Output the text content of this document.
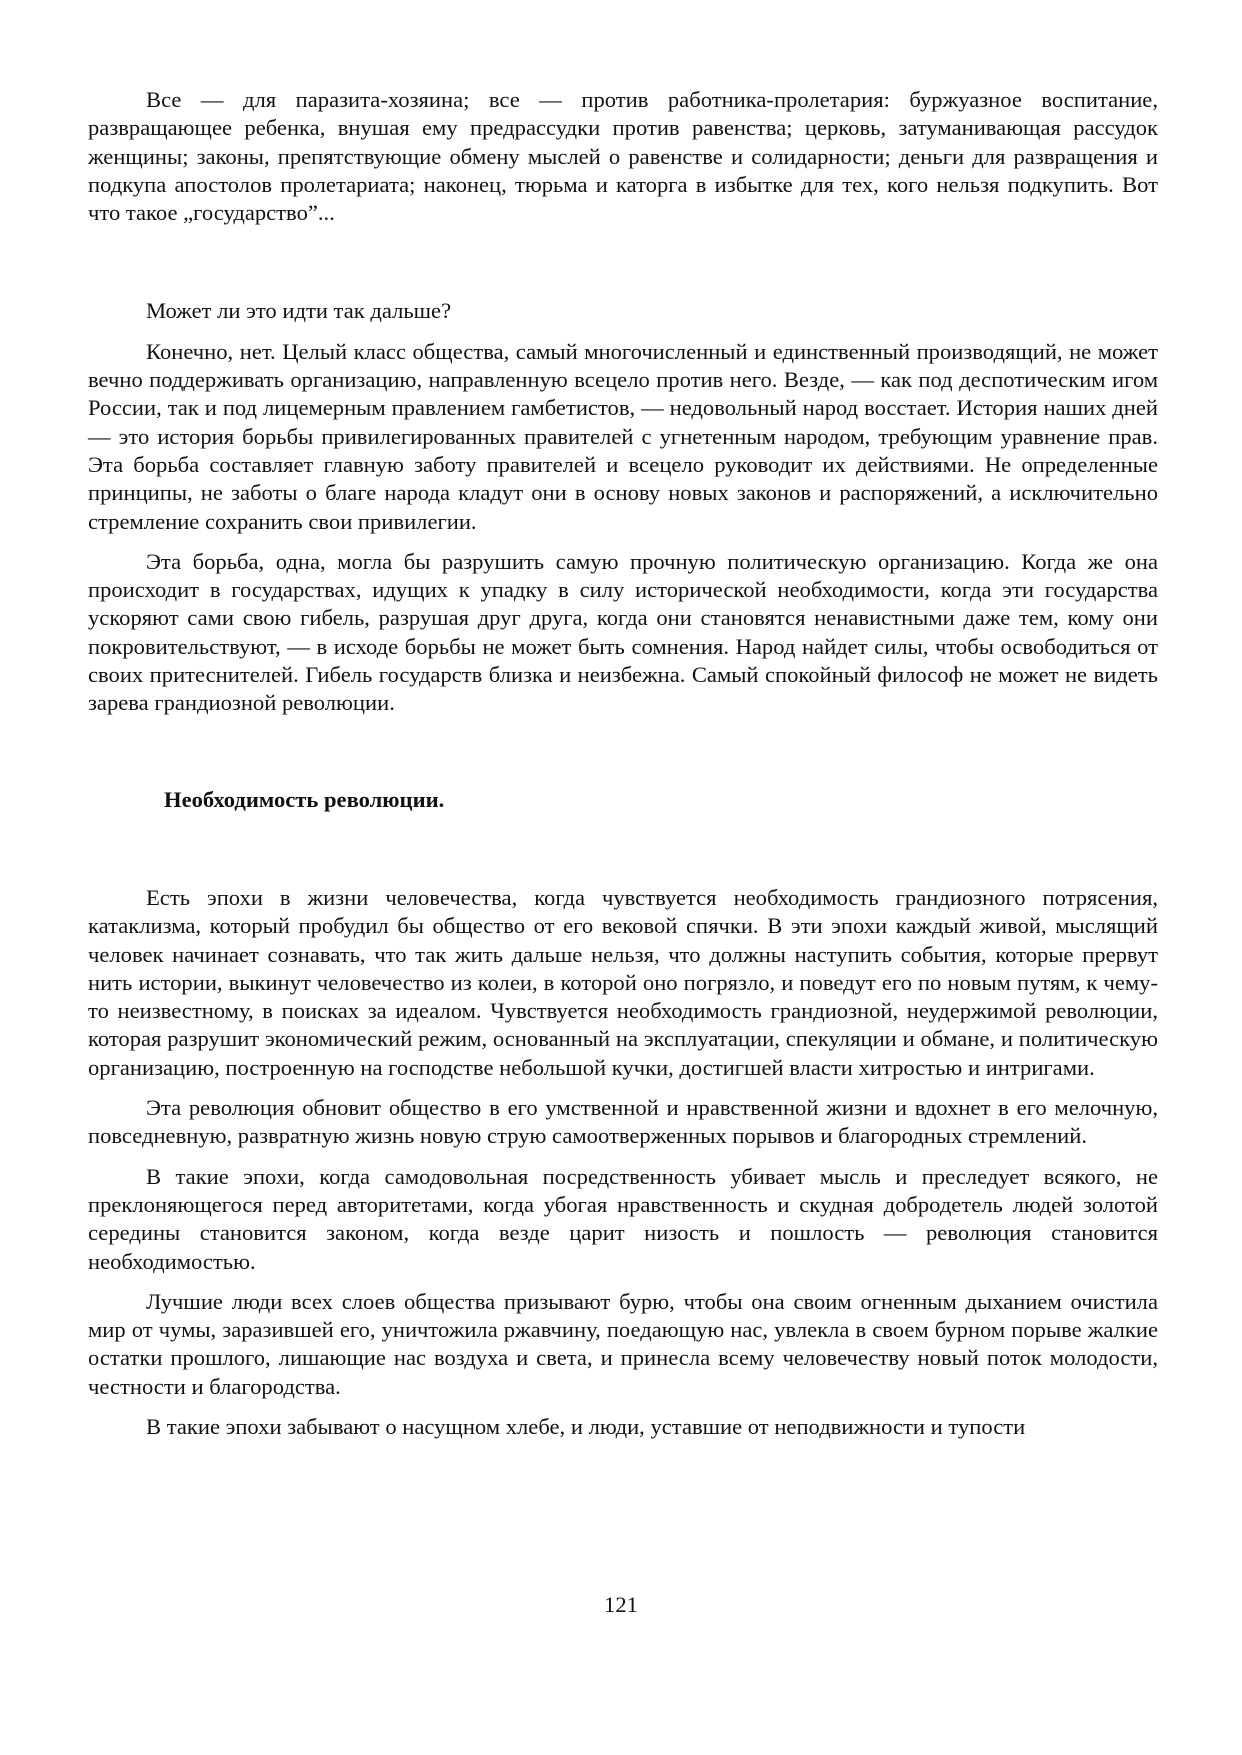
Все — для паразита-хозяина; все — против работника-пролетария: буржуазное воспитание, развращающее ребенка, внушая ему предрассудки против равенства; церковь, затуманивающая рассудок женщины; законы, препятствующие обмену мыслей о равенстве и солидарности; деньги для развращения и подкупа апостолов пролетариата; наконец, тюрьма и каторга в избытке для тех, кого нельзя подкупить. Вот что такое „государство”...

Может ли это идти так дальше?

Конечно, нет. Целый класс общества, самый многочисленный и единственный производящий, не может вечно поддерживать организацию, направленную всецело против него. Везде, — как под деспотическим игом России, так и под лицемерным правлением гамбетистов, — недовольный народ восстает. История наших дней — это история борьбы привилегированных правителей с угнетенным народом, требующим уравнение прав. Эта борьба составляет главную заботу правителей и всецело руководит их действиями. Не определенные принципы, не заботы о благе народа кладут они в основу новых законов и распоряжений, а исключительно стремление сохранить свои привилегии.

Эта борьба, одна, могла бы разрушить самую прочную политическую организацию. Когда же она происходит в государствах, идущих к упадку в силу исторической необходимости, когда эти государства ускоряют сами свою гибель, разрушая друг друга, когда они становятся ненавистными даже тем, кому они покровительствуют, — в исходе борьбы не может быть сомнения. Народ найдет силы, чтобы освободиться от своих притеснителей. Гибель государств близка и неизбежна. Самый спокойный философ не может не видеть зарева грандиозной революции.

Необходимость революции.

Есть эпохи в жизни человечества, когда чувствуется необходимость грандиозного потрясения, катаклизма, который пробудил бы общество от его вековой спячки. В эти эпохи каждый живой, мыслящий человек начинает сознавать, что так жить дальше нельзя, что должны наступить события, которые прервут нить истории, выкинут человечество из колеи, в которой оно погрязло, и поведут его по новым путям, к чему-то неизвестному, в поисках за идеалом. Чувствуется необходимость грандиозной, неудержимой революции, которая разрушит экономический режим, основанный на эксплуатации, спекуляции и обмане, и политическую организацию, построенную на господстве небольшой кучки, достигшей власти хитростью и интригами.

Эта революция обновит общество в его умственной и нравственной жизни и вдохнет в его мелочную, повседневную, развратную жизнь новую струю самоотверженных порывов и благородных стремлений.

В такие эпохи, когда самодовольная посредственность убивает мысль и преследует всякого, не преклоняющегося перед авторитетами, когда убогая нравственность и скудная добродетель людей золотой середины становится законом, когда везде царит низость и пошлость — революция становится необходимостью.

Лучшие люди всех слоев общества призывают бурю, чтобы она своим огненным дыханием очистила мир от чумы, заразившей его, уничтожила ржавчину, поедающую нас, увлекла в своем бурном порыве жалкие остатки прошлого, лишающие нас воздуха и света, и принесла всему человечеству новый поток молодости, честности и благородства.

В такие эпохи забывают о насущном хлебе, и люди, уставшие от неподвижности и тупости

121
